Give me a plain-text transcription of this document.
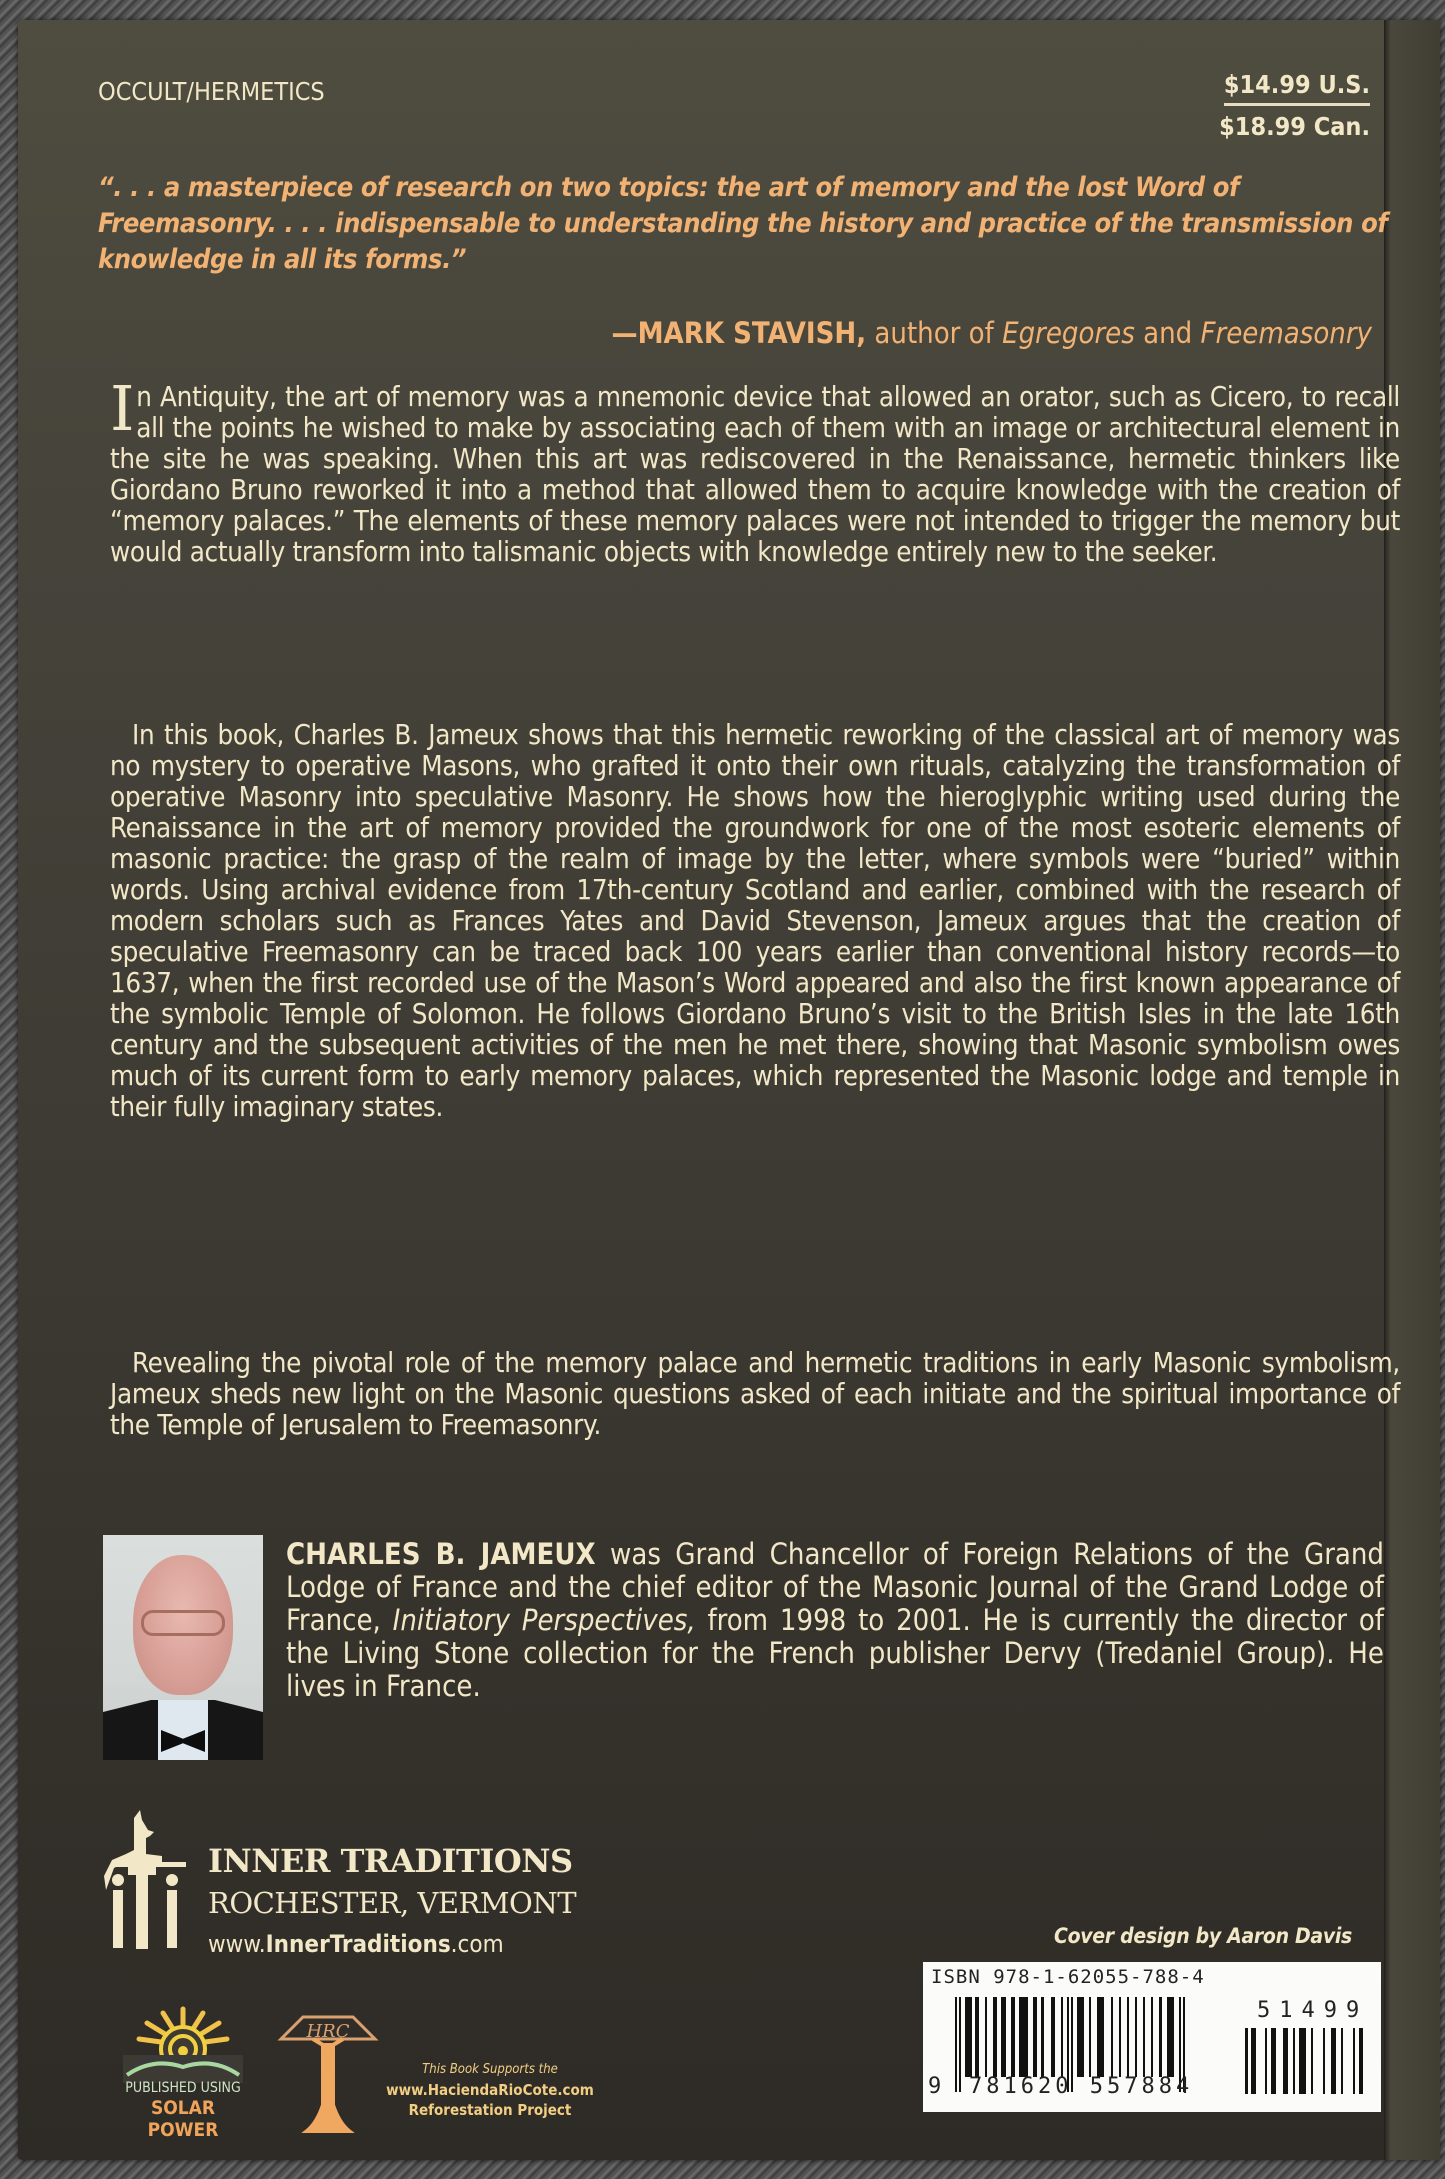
OCCULT/HERMETICS	$14.99 U.S.
$18.99 Can.
“. . . a masterpiece of research on two topics: the art of memory and the lost Word of Freemasonry. . . . indispensable to understanding the history and practice of the transmission of knowledge in all its forms.”
—MARK STAVISH, author of Egregores and Freemasonry
In Antiquity, the art of memory was a mnemonic device that allowed an orator, such as Cicero, to recall all the points he wished to make by associating each of them with an image or architectural element in the site he was speaking. When this art was rediscovered in the Renaissance, hermetic thinkers like Giordano Bruno reworked it into a method that allowed them to acquire knowledge with the creation of “memory palaces.” The elements of these memory palaces were not intended to trigger the memory but would actually transform into talismanic objects with knowledge entirely new to the seeker.
In this book, Charles B. Jameux shows that this hermetic reworking of the classical art of memory was no mystery to operative Masons, who grafted it onto their own rituals, catalyzing the transformation of operative Masonry into speculative Masonry. He shows how the hieroglyphic writing used during the Renaissance in the art of memory provided the groundwork for one of the most esoteric elements of masonic practice: the grasp of the realm of image by the letter, where symbols were “buried” within words. Using archival evidence from 17th-century Scotland and earlier, combined with the research of modern scholars such as Frances Yates and David Stevenson, Jameux argues that the creation of speculative Freemasonry can be traced back 100 years earlier than conventional history records—to 1637, when the first recorded use of the Mason’s Word appeared and also the first known appearance of the symbolic Temple of Solomon. He follows Giordano Bruno’s visit to the British Isles in the late 16th century and the subsequent activities of the men he met there, showing that Masonic symbolism owes much of its current form to early memory palaces, which represented the Masonic lodge and temple in their fully imaginary states.
Revealing the pivotal role of the memory palace and hermetic traditions in early Masonic symbolism, Jameux sheds new light on the Masonic questions asked of each initiate and the spiritual importance of the Temple of Jerusalem to Freemasonry.
CHARLES B. JAMEUX was Grand Chancellor of Foreign Relations of the Grand Lodge of France and the chief editor of the Masonic Journal of the Grand Lodge of France, Initiatory Perspectives, from 1998 to 2001. He is currently the director of the Living Stone collection for the French publisher Dervy (Tredaniel Group). He lives in France.
INNER TRADITIONS
ROCHESTER, VERMONT
www.InnerTraditions.com
PUBLISHED USING
SOLAR POWER
HRC
This Book Supports the
www.HaciendaRioCote.com
Reforestation Project
Cover design by Aaron Davis
ISBN 978-1-62055-788-4
9 781620 557884
51499
